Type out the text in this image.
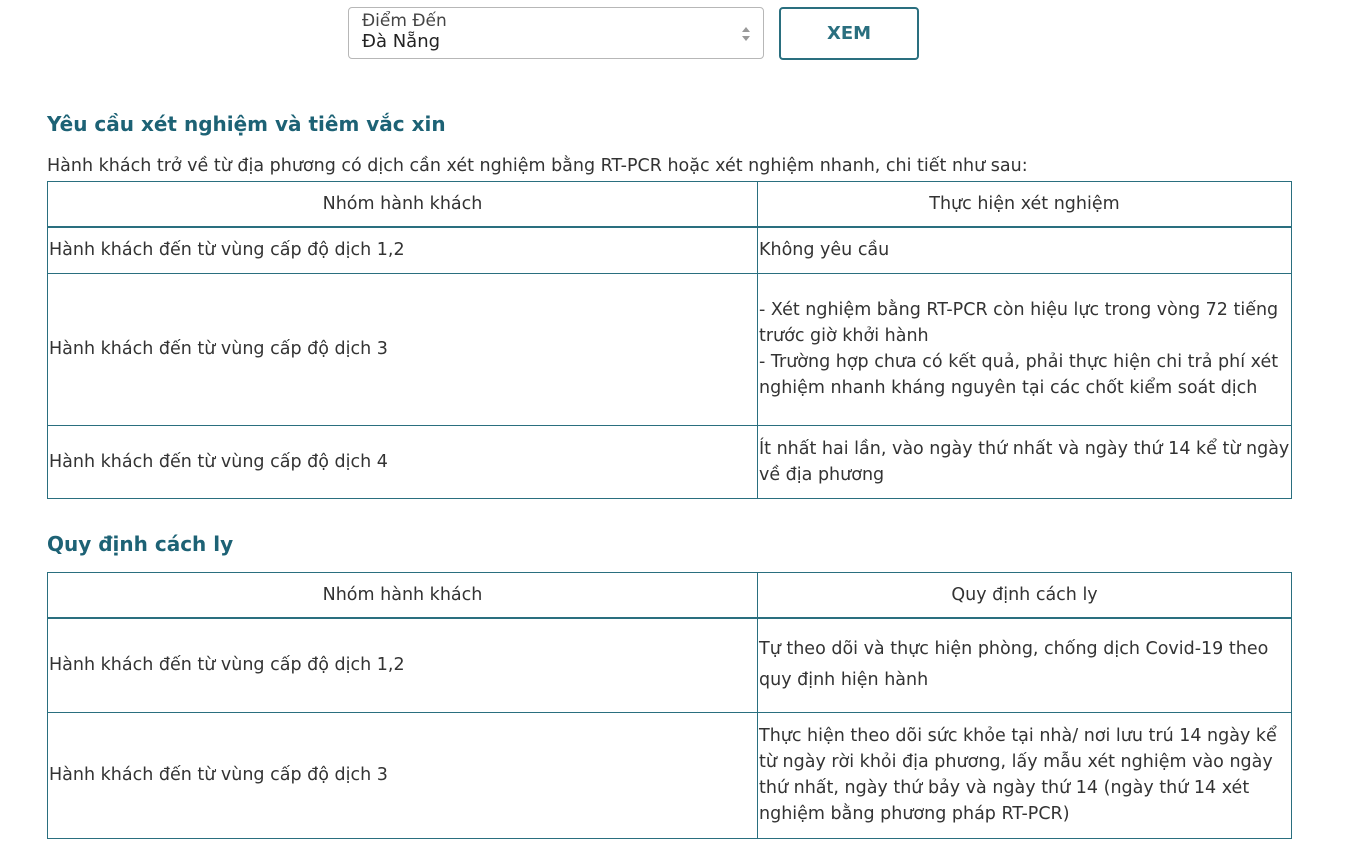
Điểm Đến
Đà Nẵng	XEM
Yêu cầu xét nghiệm và tiêm vắc xin

Hành khách trở về từ địa phương có dịch cần xét nghiệm bằng RT-PCR hoặc xét nghiệm nhanh, chi tiết như sau:

Nhóm hành khách	Thực hiện xét nghiệm
Hành khách đến từ vùng cấp độ dịch 1,2	Không yêu cầu

Hành khách đến từ vùng cấp độ dịch 3	- Xét nghiệm bằng RT-PCR còn hiệu lực trong vòng 72 tiếng trước giờ khởi hành
- Trường hợp chưa có kết quả, phải thực hiện chi trả phí xét nghiệm nhanh kháng nguyên tại các chốt kiểm soát dịch

Hành khách đến từ vùng cấp độ dịch 4	Ít nhất hai lần, vào ngày thứ nhất và ngày thứ 14 kể từ ngày về địa phương
Quy định cách ly
Nhóm hành khách	Quy định cách ly
Hành khách đến từ vùng cấp độ dịch 1,2	Tự theo dõi và thực hiện phòng, chống dịch Covid-19 theo quy định hiện hành
Hành khách đến từ vùng cấp độ dịch 3	Thực hiện theo dõi sức khỏe tại nhà/ nơi lưu trú 14 ngày kể từ ngày rời khỏi địa phương, lấy mẫu xét nghiệm vào ngày thứ nhất, ngày thứ bảy và ngày thứ 14 (ngày thứ 14 xét nghiệm bằng phương pháp RT-PCR)
